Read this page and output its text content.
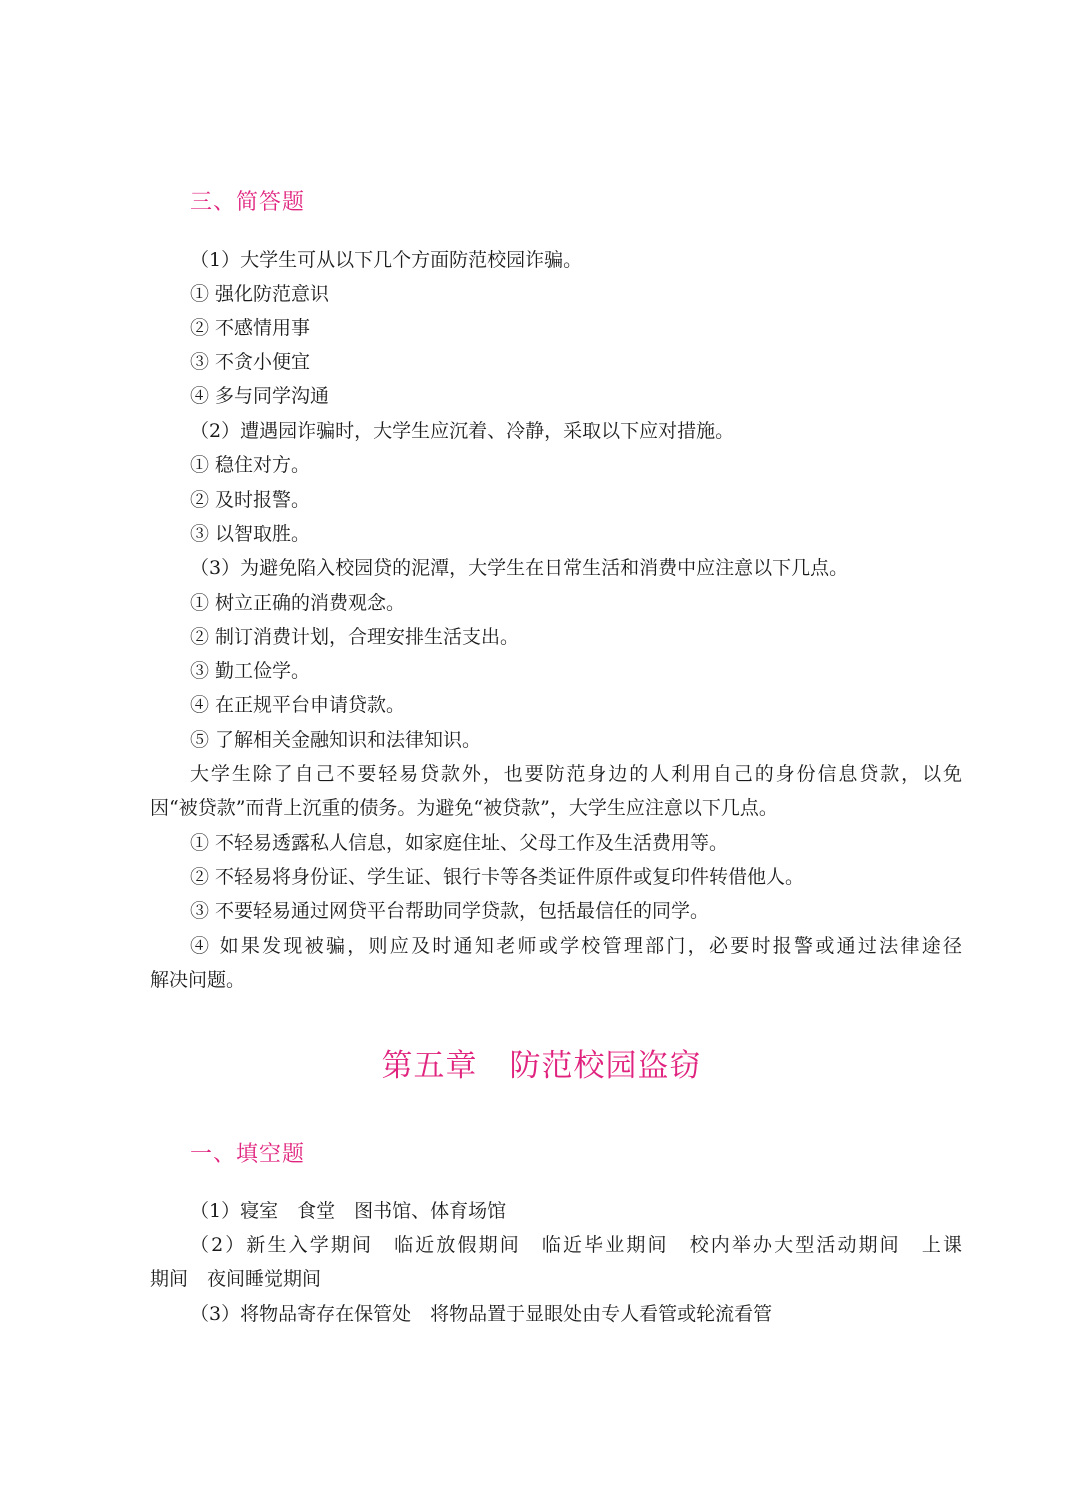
三、简答题
（1）大学生可从以下几个方面防范校园诈骗。
① 强化防范意识
② 不感情用事
③ 不贪小便宜
④ 多与同学沟通
（2）遭遇园诈骗时，大学生应沉着、冷静，采取以下应对措施。
① 稳住对方。
② 及时报警。
③ 以智取胜。
（3）为避免陷入校园贷的泥潭，大学生在日常生活和消费中应注意以下几点。
① 树立正确的消费观念。
② 制订消费计划，合理安排生活支出。
③ 勤工俭学。
④ 在正规平台申请贷款。
⑤ 了解相关金融知识和法律知识。
大学生除了自己不要轻易贷款外，也要防范身边的人利用自己的身份信息贷款，以免
因“被贷款”而背上沉重的债务。为避免“被贷款”，大学生应注意以下几点。
① 不轻易透露私人信息，如家庭住址、父母工作及生活费用等。
② 不轻易将身份证、学生证、银行卡等各类证件原件或复印件转借他人。
③ 不要轻易通过网贷平台帮助同学贷款，包括最信任的同学。
④ 如果发现被骗，则应及时通知老师或学校管理部门，必要时报警或通过法律途径
解决问题。
第五章　防范校园盗窃
一、填空题
（1）寝室　食堂　图书馆、体育场馆
（2）新生入学期间　临近放假期间　临近毕业期间　校内举办大型活动期间　上课
期间　夜间睡觉期间
（3）将物品寄存在保管处　将物品置于显眼处由专人看管或轮流看管
